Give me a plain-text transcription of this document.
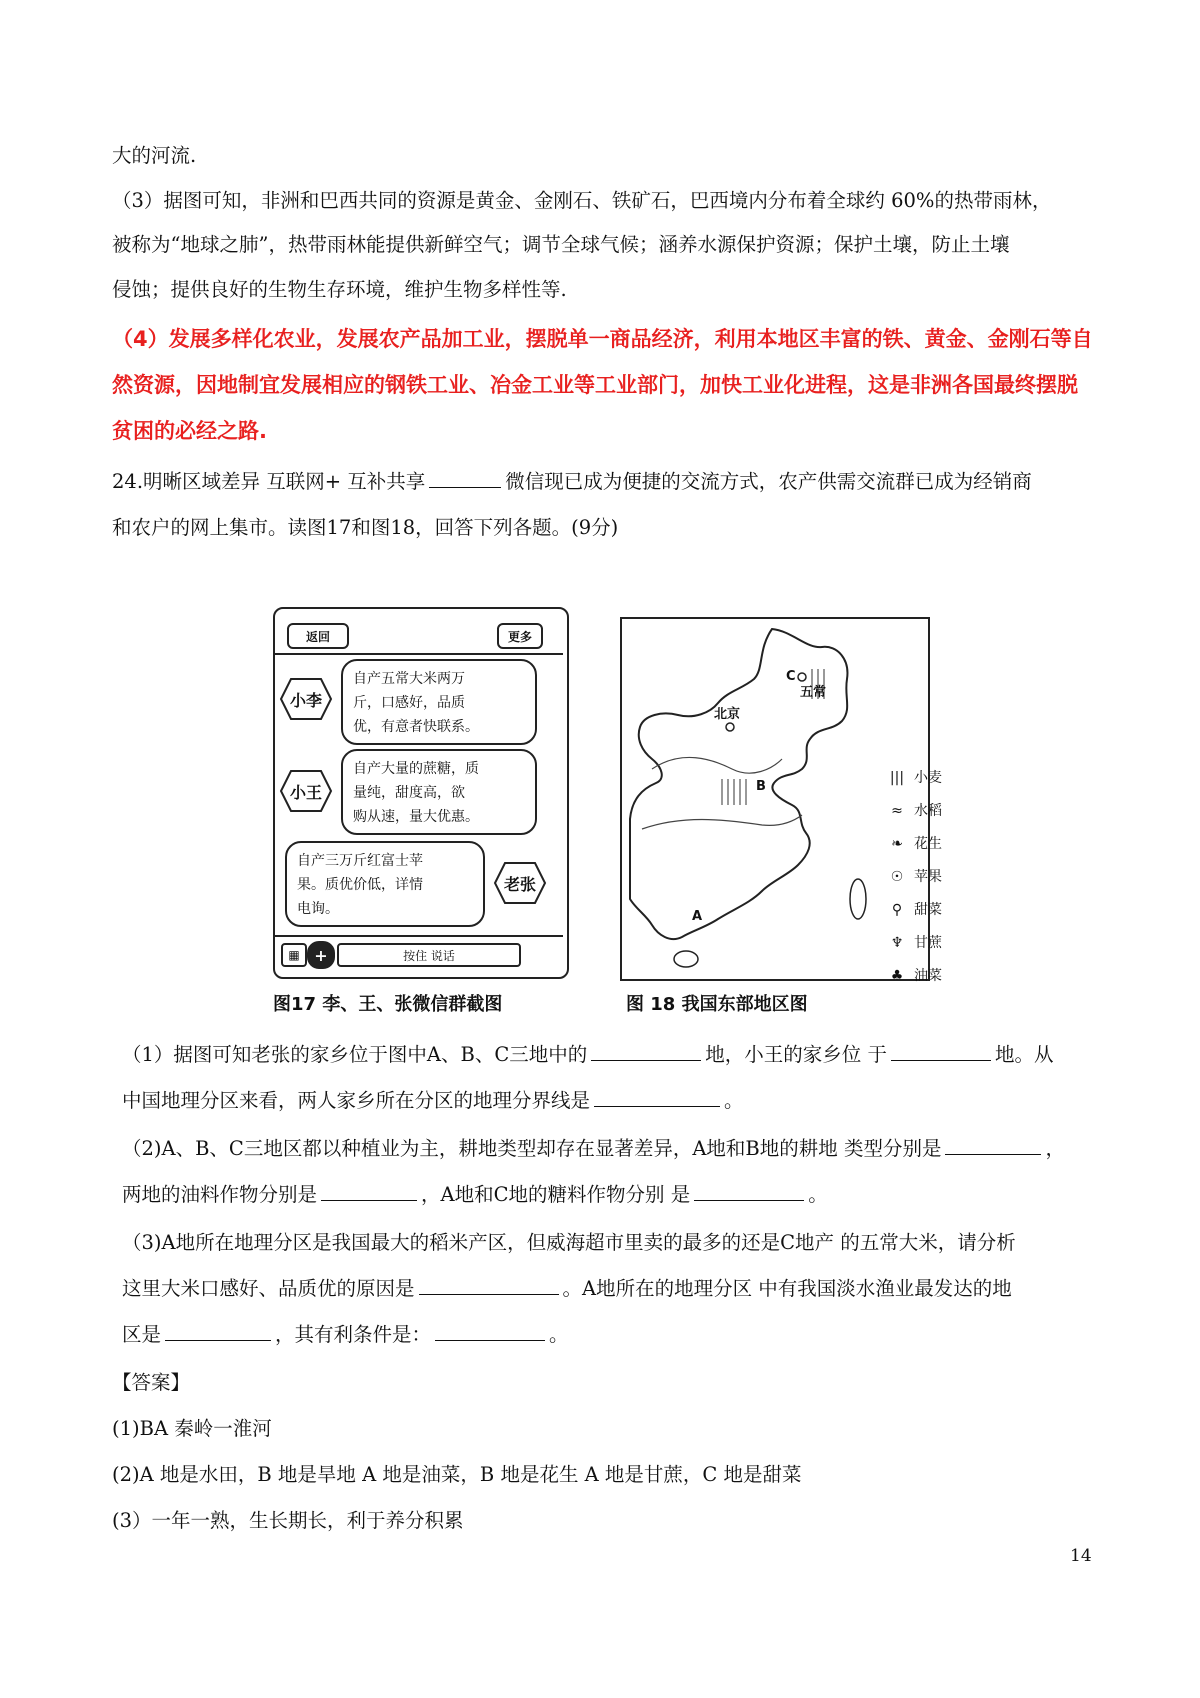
大的河流.
（3）据图可知，非洲和巴西共同的资源是黄金、金刚石、铁矿石，巴西境内分布着全球约 60%的热带雨林，
被称为“地球之肺”，热带雨林能提供新鲜空气；调节全球气候；涵养水源保护资源；保护土壤，防止土壤
侵蚀；提供良好的生物生存环境，维护生物多样性等.
（4）发展多样化农业，发展农产品加工业，摆脱单一商品经济，利用本地区丰富的铁、黄金、金刚石等自
然资源，因地制宜发展相应的钢铁工业、冶金工业等工业部门，加快工业化进程，这是非洲各国最终摆脱
贫困的必经之路.
24.明晰区域差异 互联网+ 互补共享	微信现已成为便捷的交流方式，农产供需交流群已成为经销商
和农户的网上集市。读图17和图18，回答下列各题。(9分)
返回	更多
小李
自产五常大米两万
斤，口感好，品质
优，有意者快联系。
小王
自产大量的蔗糖，质
量纯，甜度高，欲
购从速，量大优惠。
自产三万斤红富士苹
果。质优价低，详情
电询。
老张
▦ +	按住 说话
图17 李、王、张微信群截图
北京
五常
C
B
A
图 18 我国东部地区图
||| 小麦
≈ 水稻
❧ 花生
☉ 苹果
⚲ 甜菜
♆ 甘蔗
♣ 油菜
（1）据图可知老张的家乡位于图中A、B、C三地中的	地，小王的家乡位 于	地。从
中国地理分区来看，两人家乡所在分区的地理分界线是	。
（2)A、B、C三地区都以种植业为主，耕地类型却存在显著差异，A地和B地的耕地 类型分别是	，
两地的油料作物分别是	，A地和C地的糖料作物分别 是	。
（3)A地所在地理分区是我国最大的稻米产区，但威海超市里卖的最多的还是C地产 的五常大米，请分析
这里大米口感好、品质优的原因是	。A地所在的地理分区 中有我国淡水渔业最发达的地
区是	，其有利条件是：	。
【答案】
(1)BA 秦岭一淮河
(2)A 地是水田，B 地是旱地 A 地是油菜，B 地是花生 A 地是甘蔗，C 地是甜菜
(3）一年一熟，生长期长，利于养分积累
14
